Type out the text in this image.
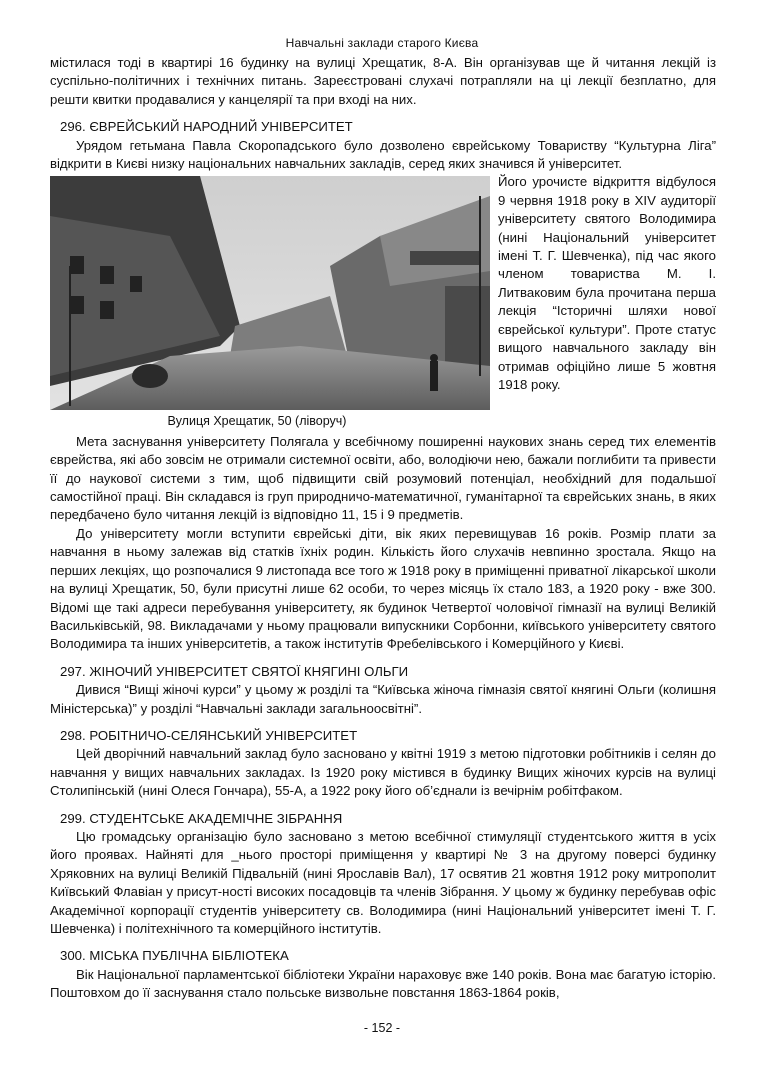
Навчальні заклади старого Києва

містилася тоді в квартирі 16 будинку на вулиці Хрещатик, 8-А. Він організував ще й читання лекцій із суспільно-політичних і технічних питань. Зареєстровані слухачі потрапляли на ці лекції безплатно, для решти квитки продавалися у канцелярії та при вході на них.

296. ЄВРЕЙСЬКИЙ НАРОДНИЙ УНІВЕРСИТЕТ

Урядом гетьмана Павла Скоропадського було дозволено єврейському Товариству “Культурна Ліга” відкрити в Києві низку національних навчальних закладів, серед яких значився й університет.

Вулиця Хрещатик, 50 (ліворуч)

Його урочисте відкриття відбулося 9 червня 1918 року в XIV аудиторії університету святого Володимира (нині Національний університет імені Т. Г. Шевченка), під час якого членом товариства М. І. Литваковим була прочитана перша лекція “Історичні шляхи нової єврейської культури”. Проте статус вищого навчального закладу він отримав офіційно лише 5 жовтня 1918 року.

Мета заснування університету Полягала у всебічному поширенні наукових знань серед тих елементів єврейства, які або зовсім не отримали системної освіти, або, володіючи нею, бажали поглибити та привести її до наукової системи з тим, щоб підвищити свій розумовий потенціал, необхідний для подальшої самостійної праці. Він складався із груп природничо-математичної, гуманітарної та єврейських знань, в яких передбачено було читання лекцій із відповідно 11, 15 і 9 предметів.

До університету могли вступити єврейські діти, вік яких перевищував 16 років. Розмір плати за навчання в ньому залежав від статків їхніх родин. Кількість його слухачів невпинно зростала. Якщо на перших лекціях, що розпочалися 9 листопада все того ж 1918 року в приміщенні приватної лікарської школи на вулиці Хрещатик, 50, були присутні лише 62 особи, то через місяць їх стало 183, а 1920 року - вже 300. Відомі ще такі адреси перебування університету, як будинок Четвертої чоловічої гімназії на вулиці Великій Васильківській, 98. Викладачами у ньому працювали випускники Сорбонни, київського університету святого Володимира та інших університетів, а також інститутів Фребелівського і Комерційного у Києві.

297. ЖІНОЧИЙ УНІВЕРСИТЕТ СВЯТОЇ КНЯГИНІ ОЛЬГИ

Дивися “Вищі жіночі курси” у цьому ж розділі та “Київська жіноча гімназія святої княгині Ольги (колишня Міністерська)” у розділі “Навчальні заклади загальноосвітні”.

298. РОБІТНИЧО-СЕЛЯНСЬКИЙ УНІВЕРСИТЕТ

Цей дворічний навчальний заклад було засновано у квітні 1919 з метою підготовки робітників і селян до навчання у вищих навчальних закладах. Із 1920 року містився в будинку Вищих жіночих курсів на вулиці Столипінській (нині Олеся Гончара), 55-А, а 1922 року його об’єднали із вечірнім робітфаком.

299. СТУДЕНТСЬКЕ АКАДЕМІЧНЕ ЗІБРАННЯ

Цю громадську організацію було засновано з метою всебічної стимуляції студентського життя в усіх його проявах. Найняті для _нього просторі приміщення у квартирі № 3 на другому поверсі будинку Хряковних на вулиці Великій Підвальній (нині Ярославів Вал), 17 освятив 21 жовтня 1912 року митрополит Київський Флавіан у присут-ності високих посадовців та членів Зібрання. У цьому ж будинку перебував офіс Академічної корпорації студентів університету св. Володимира (нині Національний університет імені Т. Г. Шевченка) і політехнічного та комерційного інститутів.

300. МІСЬКА ПУБЛІЧНА БІБЛІОТЕКА

Вік Національної парламентської бібліотеки України нараховує вже 140 років. Вона має багатую історію. Поштовхом до її заснування стало польське визвольне повстання 1863-1864 років,

- 152 -
